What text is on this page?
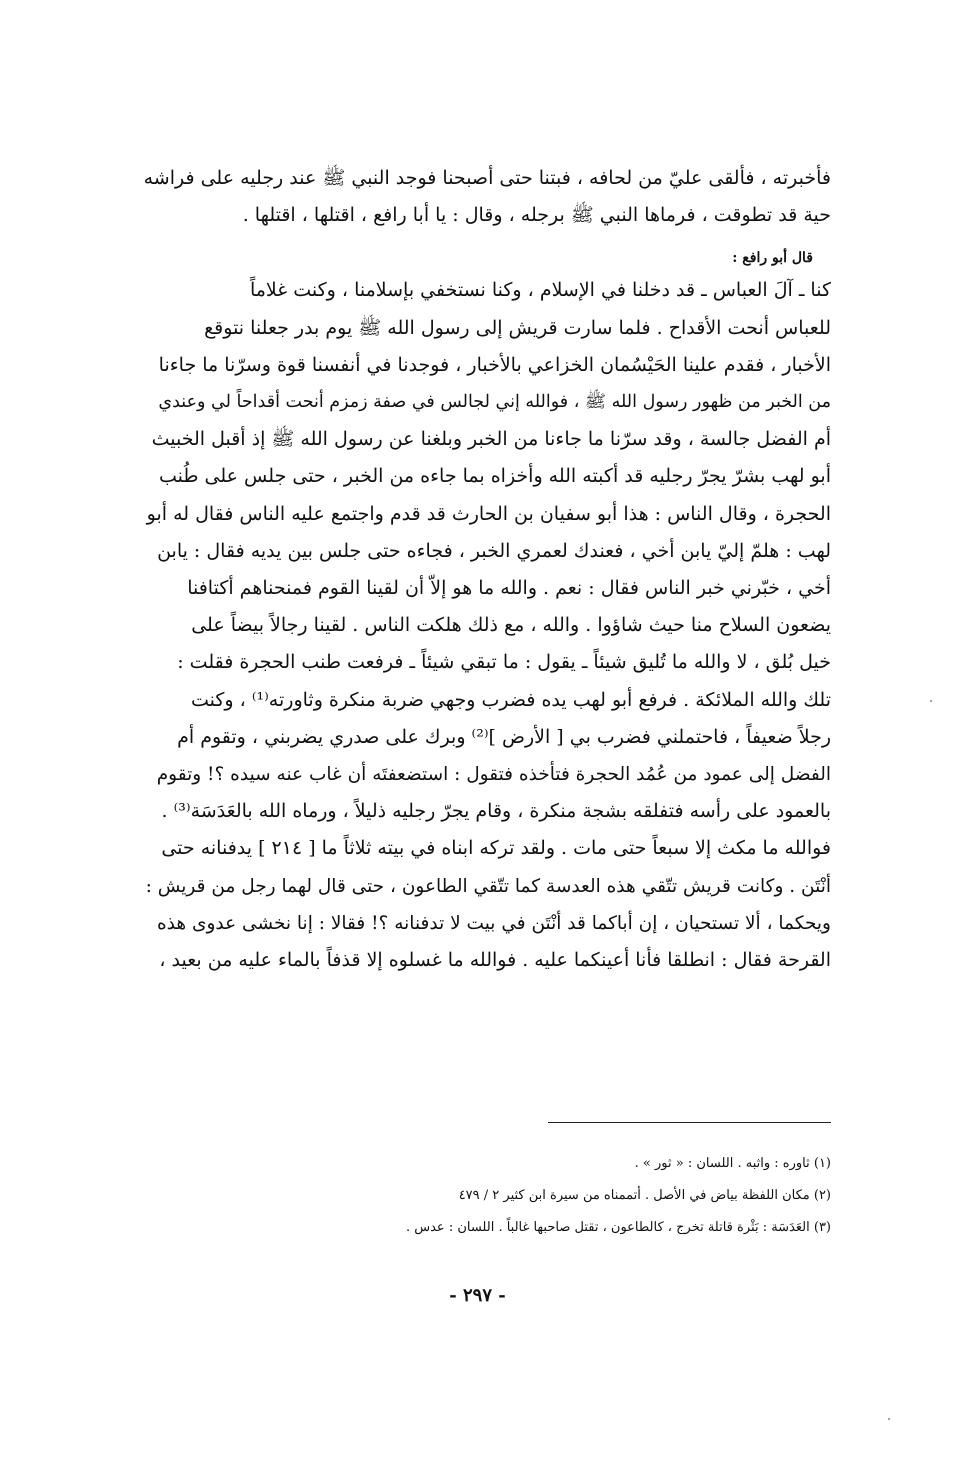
فأخبرته ، فألقى عليّ من لحافه ، فبتنا حتى أصبحنا فوجد النبي ﷺ عند رجليه على فراشه
حية قد تطوقت ، فرماها النبي ﷺ برجله ، وقال : يا أبا رافع ، اقتلها ، اقتلها .
قال أبو رافع :
كنا ـ آلَ العباس ـ قد دخلنا في الإسلام ، وكنا نستخفي بإسلامنا ، وكنت غلاماً
للعباس أنحت الأقداح . فلما سارت قريش إلى رسول الله ﷺ يوم بدر جعلنا نتوقع
الأخبار ، فقدم علينا الحَيْسُمان الخزاعي بالأخبار ، فوجدنا في أنفسنا قوة وسرّنا ما جاءنا
من الخبر من ظهور رسول الله ﷺ ، فوالله إني لجالس في صفة زمزم أنحت أقداحاً لي وعندي
أم الفضل جالسة ، وقد سرّنا ما جاءنا من الخبر وبلغنا عن رسول الله ﷺ إذ أقبل الخبيث
أبو لهب بشرّ يجرّ رجليه قد أكبته الله وأخزاه بما جاءه من الخبر ، حتى جلس على طُنب
الحجرة ، وقال الناس : هذا أبو سفيان بن الحارث قد قدم واجتمع عليه الناس فقال له أبو
لهب : هلمّ إليّ يابن أخي ، فعندك لعمري الخبر ، فجاءه حتى جلس بين يديه فقال : يابن
أخي ، خبّرني خبر الناس فقال : نعم . والله ما هو إلاّ أن لقينا القوم فمنحناهم أكتافنا
يضعون السلاح منا حيث شاؤوا . والله ، مع ذلك هلكت الناس . لقينا رجالاً بيضاً على
خيل بُلق ، لا والله ما تُليق شيئاً ـ يقول : ما تبقي شيئاً ـ فرفعت طنب الحجرة فقلت :
تلك والله الملائكة . فرفع أبو لهب يده فضرب وجهي ضربة منكرة وثاورته⁽¹⁾ ، وكنت
رجلاً ضعيفاً ، فاحتملني فضرب بي [ الأرض ]⁽²⁾ وبرك على صدري يضربني ، وتقوم أم
الفضل إلى عمود من عُمُد الحجرة فتأخذه فتقول : استضعفتَه أن غاب عنه سيده ؟! وتقوم
بالعمود على رأسه فتفلقه بشجة منكرة ، وقام يجرّ رجليه ذليلاً ، ورماه الله بالعَدَسَة⁽³⁾ .
فوالله ما مكث إلا سبعاً حتى مات . ولقد تركه ابناه في بيته ثلاثاً ما [ ٢١٤ ] يدفنانه حتى
أنْتَن . وكانت قريش تتّقي هذه العدسة كما تتّقي الطاعون ، حتى قال لهما رجل من قريش :
ويحكما ، ألا تستحيان ، إن أباكما قد أنْتَن في بيت لا تدفنانه ؟! فقالا : إنا نخشى عدوى هذه
القرحة فقال : انطلقا فأنا أعينكما عليه . فوالله ما غسلوه إلا قذفاً بالماء عليه من بعيد ،
(١) ثاوره : واثبه . اللسان : « ثور » .
(٢) مكان اللفظة بياض في الأصل . أتممناه من سيرة ابن كثير ٢ / ٤٧٩
(٣) العَدَسَة : بَثْرة قاتلة تخرج ، كالطاعون ، تقتل صاحبها غالباً . اللسان : عدس .
- ٢٩٧ -
